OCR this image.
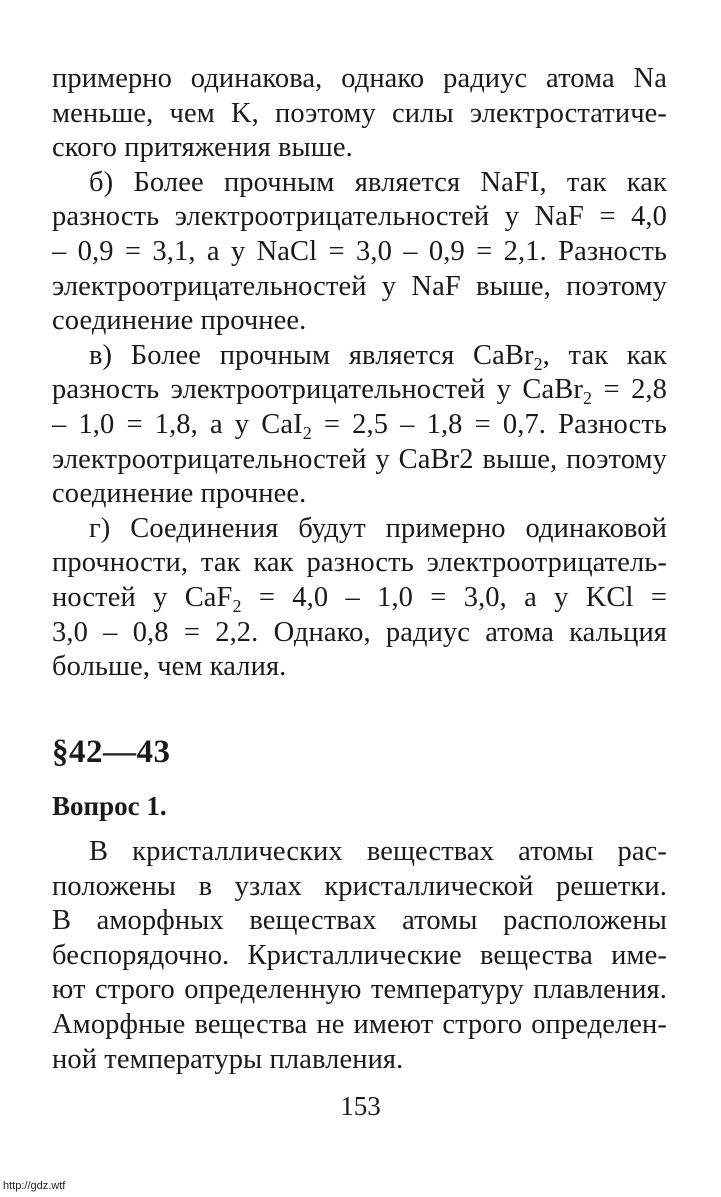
примерно одинакова, однако радиус атома Na
меньше, чем K, поэтому силы электростатиче-
ского притяжения выше.
б) Более прочным является NaFI, так как
разность электроотрицательностей у NaF = 4,0
– 0,9 = 3,1, а у NaCl = 3,0 – 0,9 = 2,1. Разность
электроотрицательностей у NaF выше, поэтому
соединение прочнее.
в) Более прочным является CaBr$_2$, так как
разность электроотрицательностей у CaBr$_2$ = 2,8
– 1,0 = 1,8, а у CaI$_2$ = 2,5 – 1,8 = 0,7. Разность
электроотрицательностей у CaBr2 выше, поэтому
соединение прочнее.
г) Соединения будут примерно одинаковой
прочности, так как разность электроотрицатель-
ностей у CaF$_2$ = 4,0 – 1,0 = 3,0, а у KCl =
3,0 – 0,8 = 2,2. Однако, радиус атома кальция
больше, чем калия.
§42—43
Вопрос 1.
В кристаллических веществах атомы рас-
положены в узлах кристаллической решетки.
В аморфных веществах атомы расположены
беспорядочно. Кристаллические вещества име-
ют строго определенную температуру плавления.
Аморфные вещества не имеют строго определен-
ной температуры плавления.
153
http://gdz.wtf
